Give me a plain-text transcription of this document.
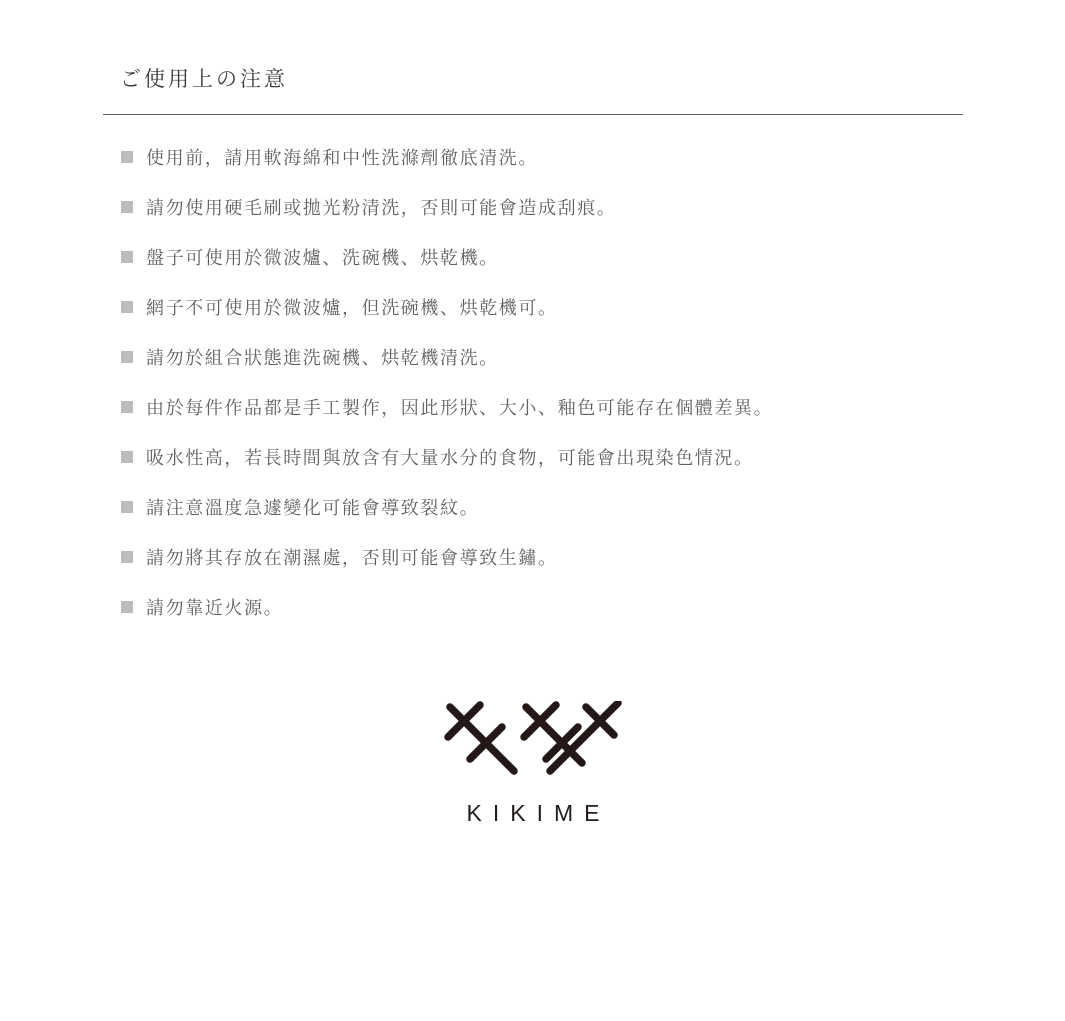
ご使用上の注意
使用前，請用軟海綿和中性洗滌劑徹底清洗。
請勿使用硬毛刷或拋光粉清洗，否則可能會造成刮痕。
盤子可使用於微波爐、洗碗機、烘乾機。
網子不可使用於微波爐，但洗碗機、烘乾機可。
請勿於組合狀態進洗碗機、烘乾機清洗。
由於每件作品都是手工製作，因此形狀、大小、釉色可能存在個體差異。
吸水性高，若長時間與放含有大量水分的食物，可能會出現染色情況。
請注意溫度急遽變化可能會導致裂紋。
請勿將其存放在潮濕處，否則可能會導致生鏽。
請勿靠近火源。
KIKIME
